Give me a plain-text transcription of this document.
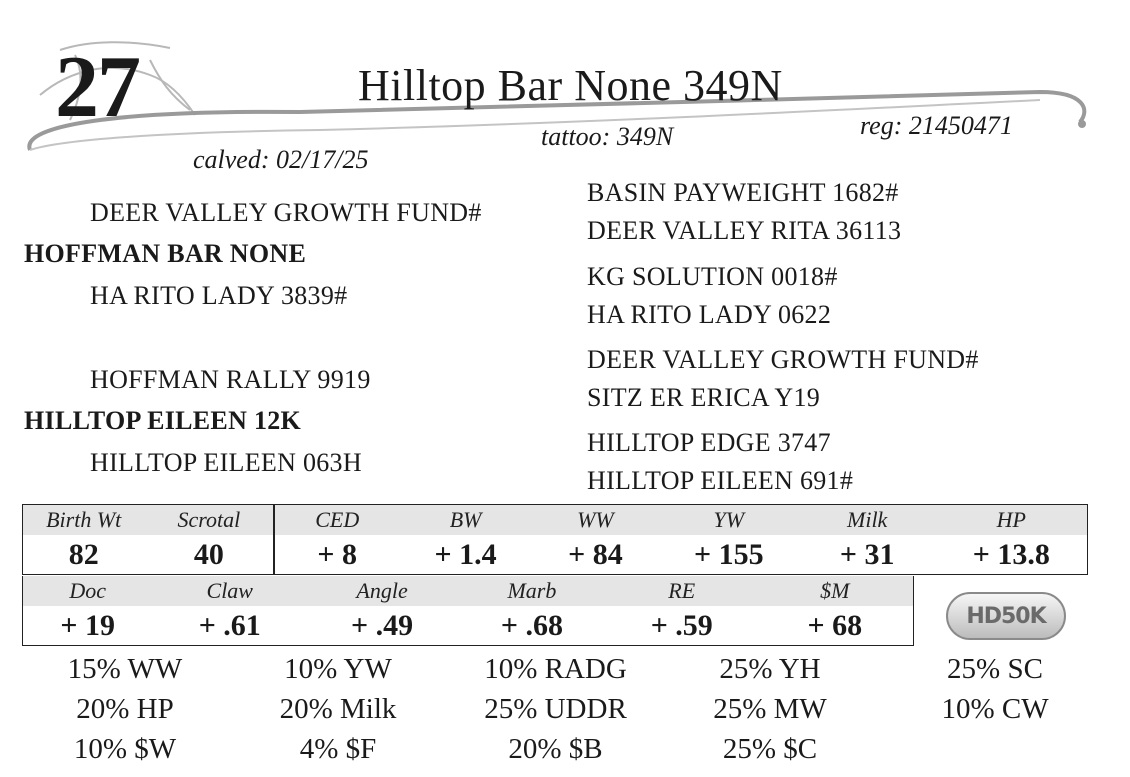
27	Hilltop Bar None 349N
tattoo: 349N	reg: 21450471
calved: 02/17/25
DEER VALLEY GROWTH FUND#
HOFFMAN BAR NONE
HA RITO LADY 3839#
HOFFMAN RALLY 9919
HILLTOP EILEEN 12K
HILLTOP EILEEN 063H
BASIN PAYWEIGHT 1682#
DEER VALLEY RITA 36113
KG SOLUTION 0018#
HA RITO LADY 0622
DEER VALLEY GROWTH FUND#
SITZ ER ERICA Y19
HILLTOP EDGE 3747
HILLTOP EILEEN 691#
Birth Wt	Scrotal	CED	BW	WW	YW	Milk	HP
82	40	+ 8	+ 1.4	+ 84	+ 155	+ 31	+ 13.8
Doc	Claw	Angle	Marb	RE	$M
+ 19	+ .61	+ .49	+ .68	+ .59	+ 68	HD50K
15% WW	10% YW	10% RADG	25% YH	25% SC
20% HP	20% Milk	25% UDDR	25% MW	10% CW
10% $W	4% $F	20% $B	25% $C
